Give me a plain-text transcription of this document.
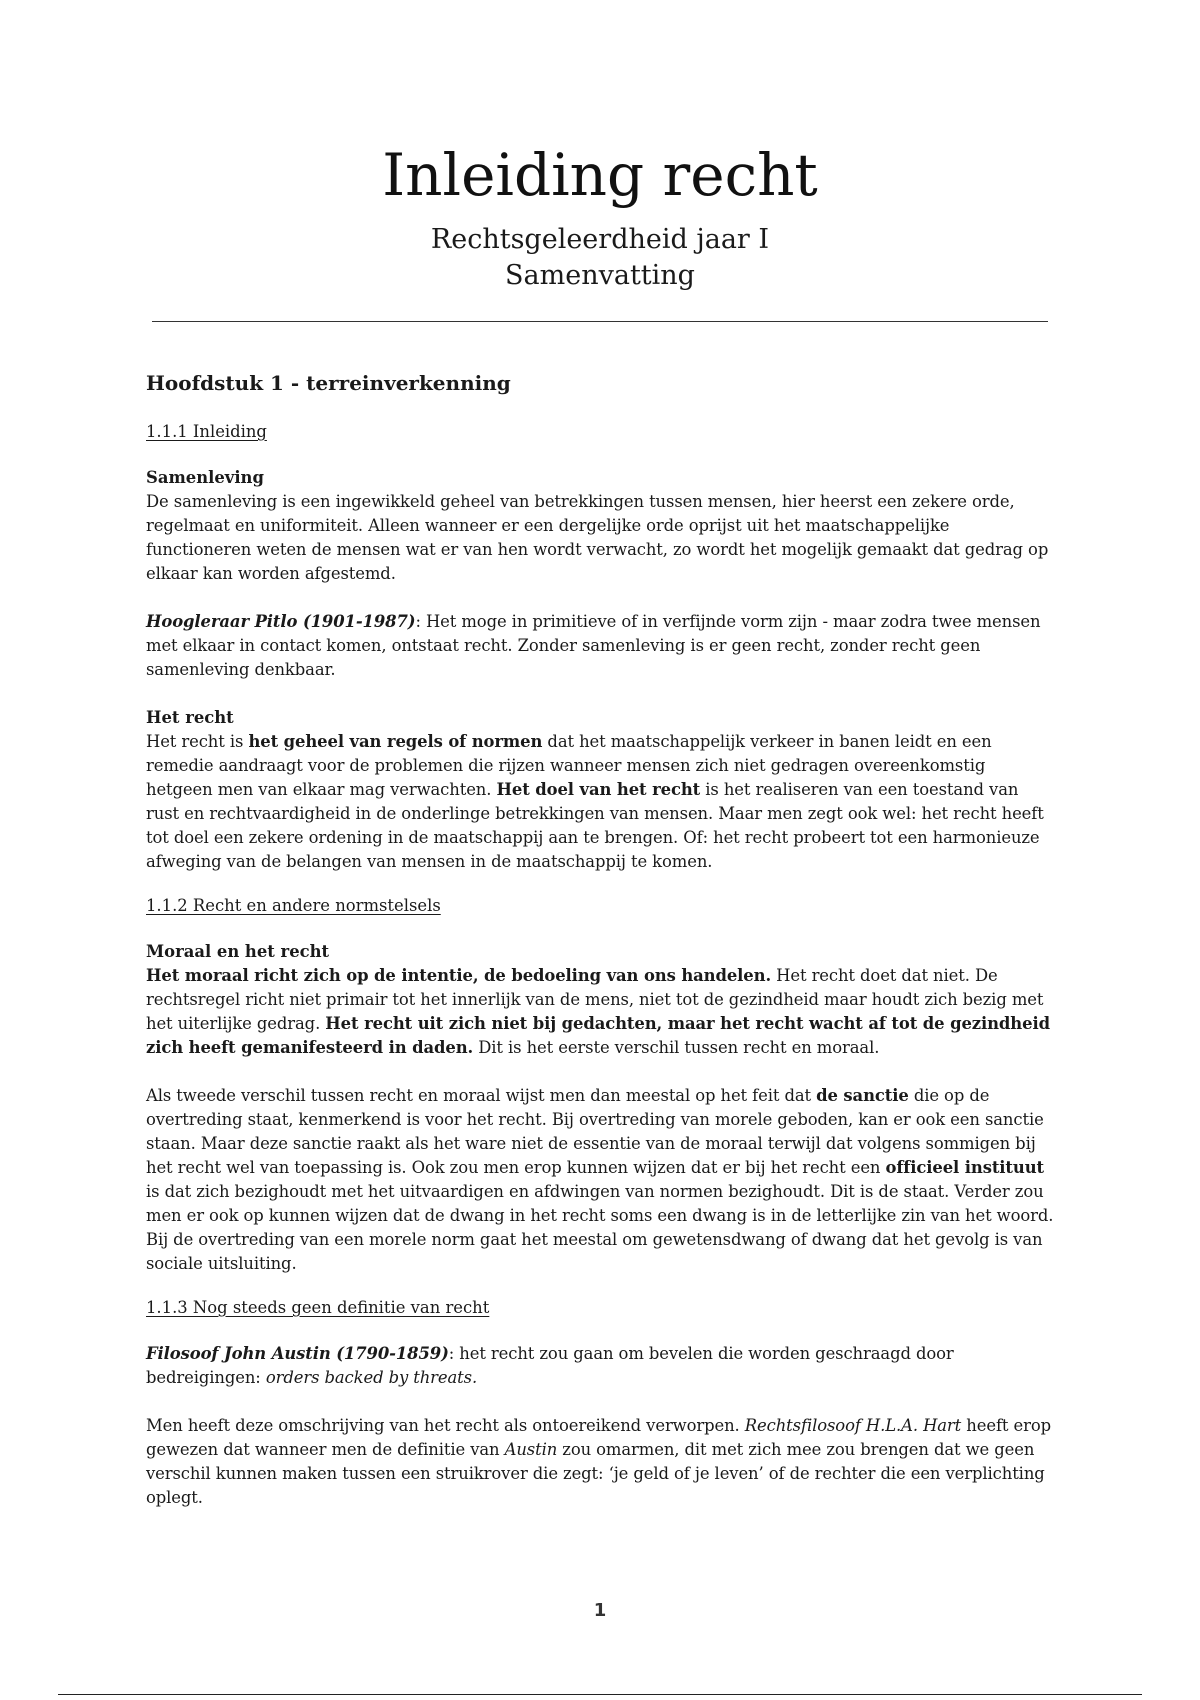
Inleiding recht
Rechtsgeleerdheid jaar I
Samenvatting
Hoofdstuk 1 - terreinverkenning
1.1.1 Inleiding
Samenleving

De samenleving is een ingewikkeld geheel van betrekkingen tussen mensen, hier heerst een zekere orde, regelmaat en uniformiteit. Alleen wanneer er een dergelijke orde oprijst uit het maatschappelijke functioneren weten de mensen wat er van hen wordt verwacht, zo wordt het mogelijk gemaakt dat gedrag op elkaar kan worden afgestemd.

Hoogleraar Pitlo (1901-1987): Het moge in primitieve of in verfijnde vorm zijn - maar zodra twee mensen met elkaar in contact komen, ontstaat recht. Zonder samenleving is er geen recht, zonder recht geen samenleving denkbaar.

Het recht

Het recht is het geheel van regels of normen dat het maatschappelijk verkeer in banen leidt en een remedie aandraagt voor de problemen die rijzen wanneer mensen zich niet gedragen overeenkomstig hetgeen men van elkaar mag verwachten. Het doel van het recht is het realiseren van een toestand van rust en rechtvaardigheid in de onderlinge betrekkingen van mensen. Maar men zegt ook wel: het recht heeft tot doel een zekere ordening in de maatschappij aan te brengen. Of: het recht probeert tot een harmonieuze afweging van de belangen van mensen in de maatschappij te komen.

1.1.2 Recht en andere normstelsels
Moraal en het recht

Het moraal richt zich op de intentie, de bedoeling van ons handelen. Het recht doet dat niet. De rechtsregel richt niet primair tot het innerlijk van de mens, niet tot de gezindheid maar houdt zich bezig met het uiterlijke gedrag. Het recht uit zich niet bij gedachten, maar het recht wacht af tot de gezindheid zich heeft gemanifesteerd in daden. Dit is het eerste verschil tussen recht en moraal.

Als tweede verschil tussen recht en moraal wijst men dan meestal op het feit dat de sanctie die op de overtreding staat, kenmerkend is voor het recht. Bij overtreding van morele geboden, kan er ook een sanctie staan. Maar deze sanctie raakt als het ware niet de essentie van de moraal terwijl dat volgens sommigen bij het recht wel van toepassing is. Ook zou men erop kunnen wijzen dat er bij het recht een officieel instituut is dat zich bezighoudt met het uitvaardigen en afdwingen van normen bezighoudt. Dit is de staat. Verder zou men er ook op kunnen wijzen dat de dwang in het recht soms een dwang is in de letterlijke zin van het woord. Bij de overtreding van een morele norm gaat het meestal om gewetensdwang of dwang dat het gevolg is van sociale uitsluiting.

1.1.3 Nog steeds geen definitie van recht

Filosoof John Austin (1790-1859): het recht zou gaan om bevelen die worden geschraagd door bedreigingen: orders backed by threats.

Men heeft deze omschrijving van het recht als ontoereikend verworpen. Rechtsfilosoof H.L.A. Hart heeft erop gewezen dat wanneer men de definitie van Austin zou omarmen, dit met zich mee zou brengen dat we geen verschil kunnen maken tussen een struikrover die zegt: ‘je geld of je leven’ of de rechter die een verplichting oplegt.

1
